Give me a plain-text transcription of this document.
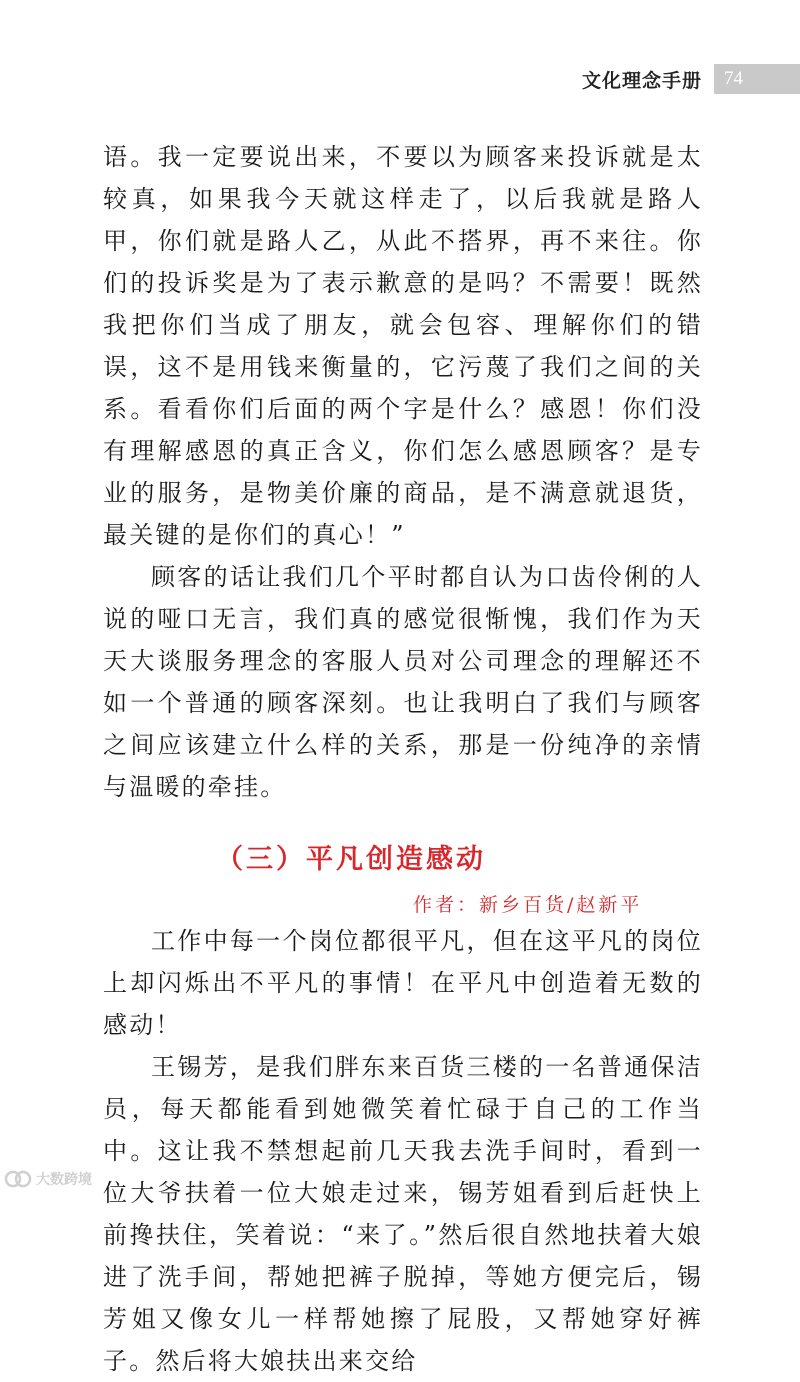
文化理念手册 74

语。我一定要说出来，不要以为顾客来投诉就是太较真，如果我今天就这样走了，以后我就是路人甲，你们就是路人乙，从此不搭界，再不来往。你们的投诉奖是为了表示歉意的是吗？不需要！既然我把你们当成了朋友，就会包容、理解你们的错误，这不是用钱来衡量的，它污蔑了我们之间的关系。看看你们后面的两个字是什么？感恩！你们没有理解感恩的真正含义，你们怎么感恩顾客？是专业的服务，是物美价廉的商品，是不满意就退货，最关键的是你们的真心！”

顾客的话让我们几个平时都自认为口齿伶俐的人说的哑口无言，我们真的感觉很惭愧，我们作为天天大谈服务理念的客服人员对公司理念的理解还不如一个普通的顾客深刻。也让我明白了我们与顾客之间应该建立什么样的关系，那是一份纯净的亲情与温暖的牵挂。

（三）平凡创造感动
作者：新乡百货/赵新平

工作中每一个岗位都很平凡，但在这平凡的岗位上却闪烁出不平凡的事情！在平凡中创造着无数的感动！

王锡芳，是我们胖东来百货三楼的一名普通保洁员，每天都能看到她微笑着忙碌于自己的工作当中。这让我不禁想起前几天我去洗手间时，看到一位大爷扶着一位大娘走过来，锡芳姐看到后赶快上前搀扶住，笑着说：“来了。”然后很自然地扶着大娘进了洗手间，帮她把裤子脱掉，等她方便完后，锡芳姐又像女儿一样帮她擦了屁股，又帮她穿好裤子。然后将大娘扶出来交给

大数跨境
